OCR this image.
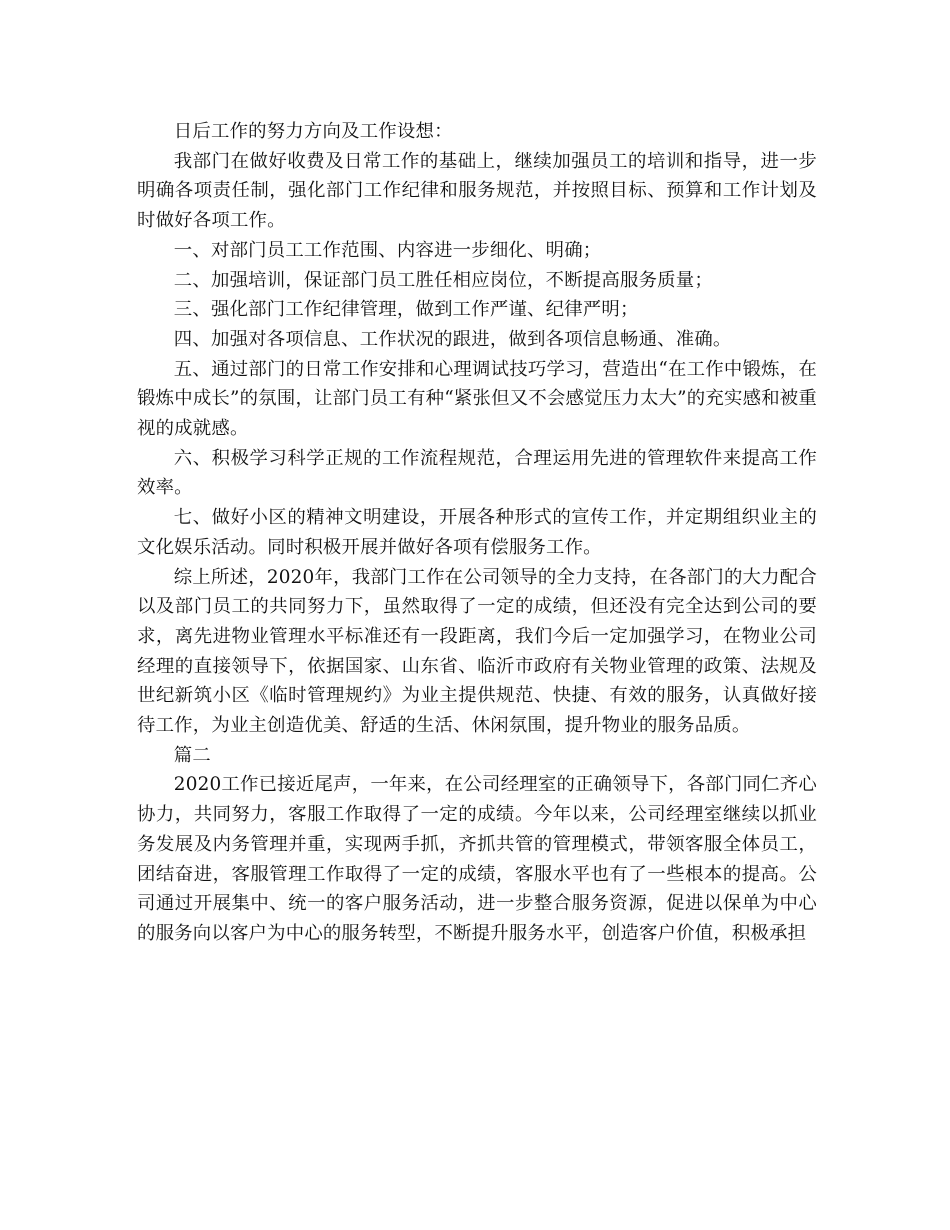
日后工作的努力方向及工作设想：

我部门在做好收费及日常工作的基础上，继续加强员工的培训和指导，进一步明确各项责任制，强化部门工作纪律和服务规范，并按照目标、预算和工作计划及时做好各项工作。

一、对部门员工工作范围、内容进一步细化、明确；

二、加强培训，保证部门员工胜任相应岗位，不断提高服务质量；

三、强化部门工作纪律管理，做到工作严谨、纪律严明；

四、加强对各项信息、工作状况的跟进，做到各项信息畅通、准确。

五、通过部门的日常工作安排和心理调试技巧学习，营造出“在工作中锻炼，在锻炼中成长”的氛围，让部门员工有种“紧张但又不会感觉压力太大”的充实感和被重视的成就感。

六、积极学习科学正规的工作流程规范，合理运用先进的管理软件来提高工作效率。

七、做好小区的精神文明建设，开展各种形式的宣传工作，并定期组织业主的文化娱乐活动。同时积极开展并做好各项有偿服务工作。

综上所述，2020年，我部门工作在公司领导的全力支持，在各部门的大力配合以及部门员工的共同努力下，虽然取得了一定的成绩，但还没有完全达到公司的要求，离先进物业管理水平标准还有一段距离，我们今后一定加强学习，在物业公司经理的直接领导下，依据国家、山东省、临沂市政府有关物业管理的政策、法规及世纪新筑小区《临时管理规约》为业主提供规范、快捷、有效的服务，认真做好接待工作，为业主创造优美、舒适的生活、休闲氛围，提升物业的服务品质。

篇二

2020工作已接近尾声，一年来，在公司经理室的正确领导下，各部门同仁齐心协力，共同努力，客服工作取得了一定的成绩。今年以来，公司经理室继续以抓业务发展及内务管理并重，实现两手抓，齐抓共管的管理模式，带领客服全体员工，团结奋进，客服管理工作取得了一定的成绩，客服水平也有了一些根本的提高。公司通过开展集中、统一的客户服务活动，进一步整合服务资源，促进以保单为中心的服务向以客户为中心的服务转型，不断提升服务水平，创造客户价值，积极承担
